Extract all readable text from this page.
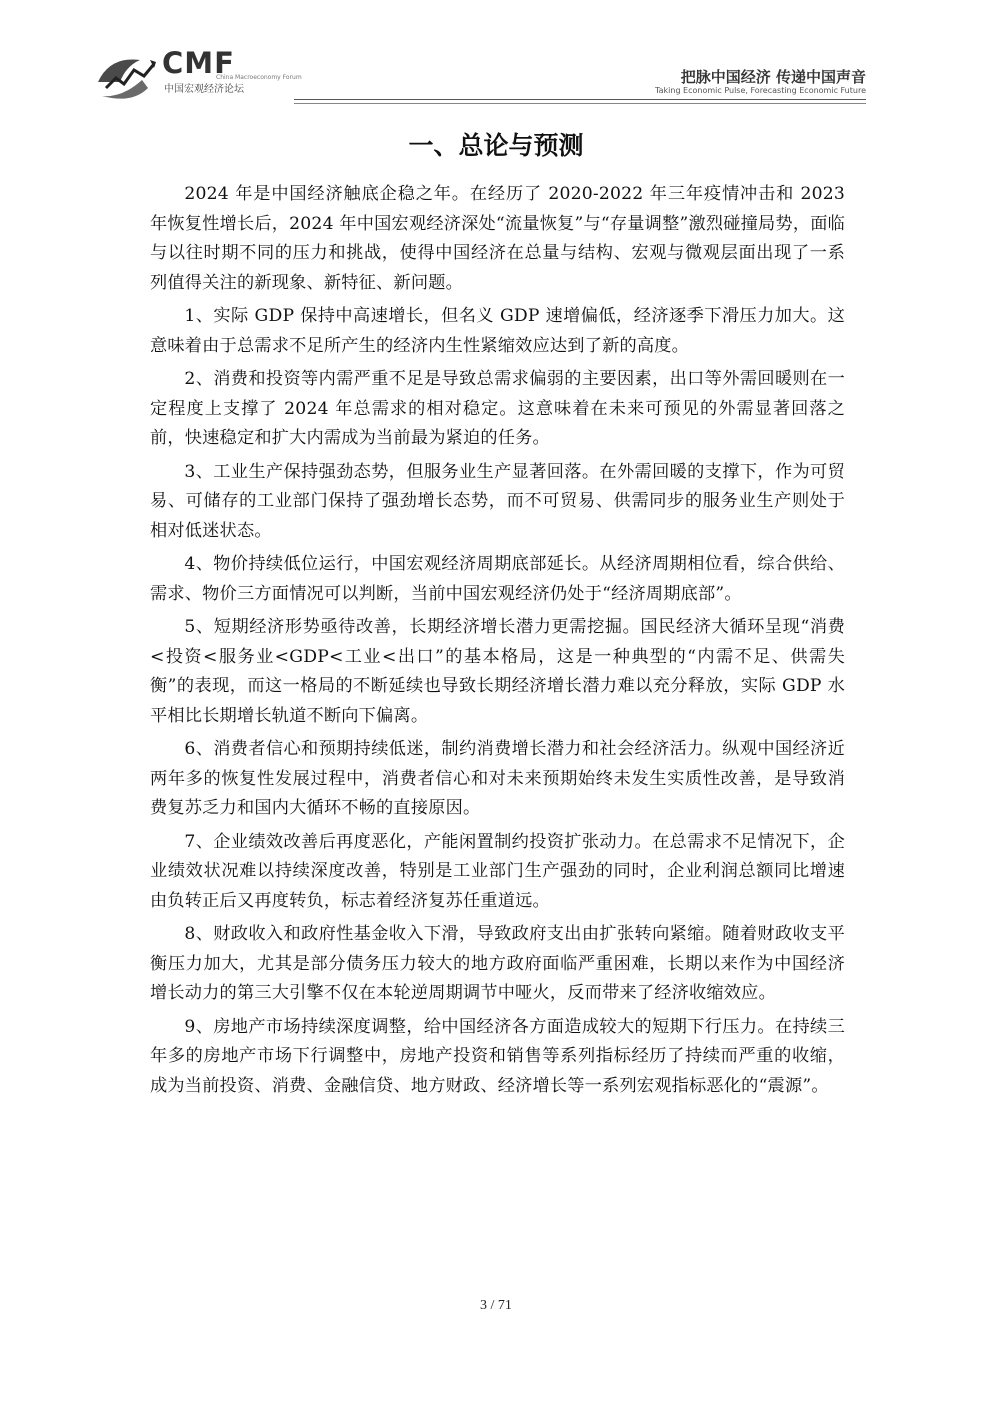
CMF
China Macroeconomy Forum
中国宏观经济论坛
把脉中国经济 传递中国声音
Taking Economic Pulse, Forecasting Economic Future
一、总论与预测

2024 年是中国经济触底企稳之年。在经历了 2020-2022 年三年疫情冲击和 2023 年恢复性增长后，2024 年中国宏观经济深处“流量恢复”与“存量调整”激烈碰撞局势，面临与以往时期不同的压力和挑战，使得中国经济在总量与结构、宏观与微观层面出现了一系列值得关注的新现象、新特征、新问题。

1、实际 GDP 保持中高速增长，但名义 GDP 速增偏低，经济逐季下滑压力加大。这意味着由于总需求不足所产生的经济内生性紧缩效应达到了新的高度。

2、消费和投资等内需严重不足是导致总需求偏弱的主要因素，出口等外需回暖则在一定程度上支撑了 2024 年总需求的相对稳定。这意味着在未来可预见的外需显著回落之前，快速稳定和扩大内需成为当前最为紧迫的任务。

3、工业生产保持强劲态势，但服务业生产显著回落。在外需回暖的支撑下，作为可贸易、可储存的工业部门保持了强劲增长态势，而不可贸易、供需同步的服务业生产则处于相对低迷状态。

4、物价持续低位运行，中国宏观经济周期底部延长。从经济周期相位看，综合供给、需求、物价三方面情况可以判断，当前中国宏观经济仍处于“经济周期底部”。

5、短期经济形势亟待改善，长期经济增长潜力更需挖掘。国民经济大循环呈现“消费<投资<服务业<GDP<工业<出口”的基本格局，这是一种典型的“内需不足、供需失衡”的表现，而这一格局的不断延续也导致长期经济增长潜力难以充分释放，实际 GDP 水平相比长期增长轨道不断向下偏离。

6、消费者信心和预期持续低迷，制约消费增长潜力和社会经济活力。纵观中国经济近两年多的恢复性发展过程中，消费者信心和对未来预期始终未发生实质性改善，是导致消费复苏乏力和国内大循环不畅的直接原因。

7、企业绩效改善后再度恶化，产能闲置制约投资扩张动力。在总需求不足情况下，企业绩效状况难以持续深度改善，特别是工业部门生产强劲的同时，企业利润总额同比增速由负转正后又再度转负，标志着经济复苏任重道远。

8、财政收入和政府性基金收入下滑，导致政府支出由扩张转向紧缩。随着财政收支平衡压力加大，尤其是部分债务压力较大的地方政府面临严重困难，长期以来作为中国经济增长动力的第三大引擎不仅在本轮逆周期调节中哑火，反而带来了经济收缩效应。

9、房地产市场持续深度调整，给中国经济各方面造成较大的短期下行压力。在持续三年多的房地产市场下行调整中，房地产投资和销售等系列指标经历了持续而严重的收缩，成为当前投资、消费、金融信贷、地方财政、经济增长等一系列宏观指标恶化的“震源”。

3 / 71
